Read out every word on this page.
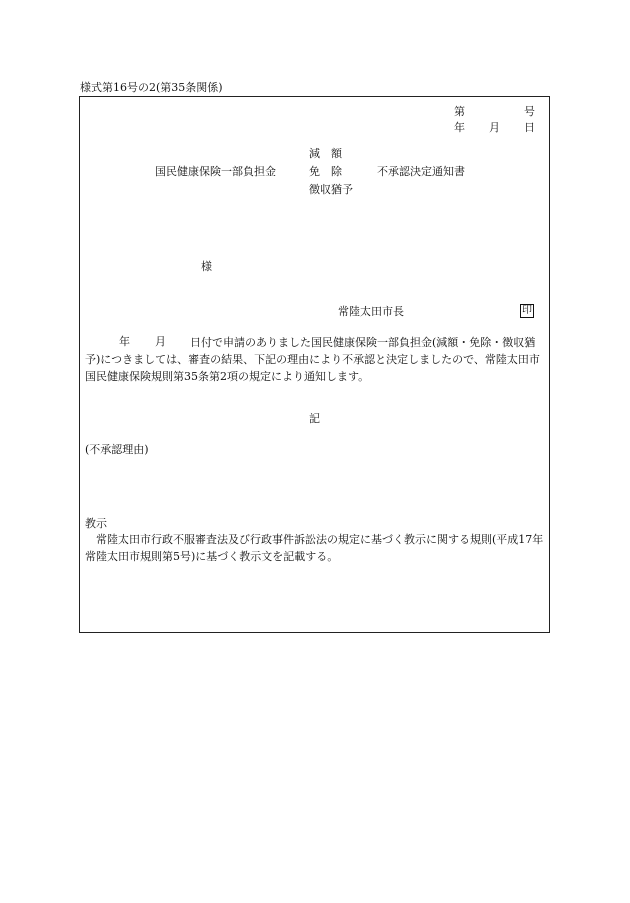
様式第16号の2(第35条関係)
第	号
年 月 日
国民健康保険一部負担金
減　額
免　除
徴収猶予
不承認決定通知書
様
常陸太田市長	印
年 月	日付で申請のありました国民健康保険一部負担金(減額・免除・徴収猶予)につきましては、審査の結果、下記の理由により不承認と決定しましたので、常陸太田市国民健康保険規則第35条第2項の規定により通知します。
記
(不承認理由)
教示
常陸太田市行政不服審査法及び行政事件訴訟法の規定に基づく教示に関する規則(平成17年常陸太田市規則第5号)に基づく教示文を記載する。
